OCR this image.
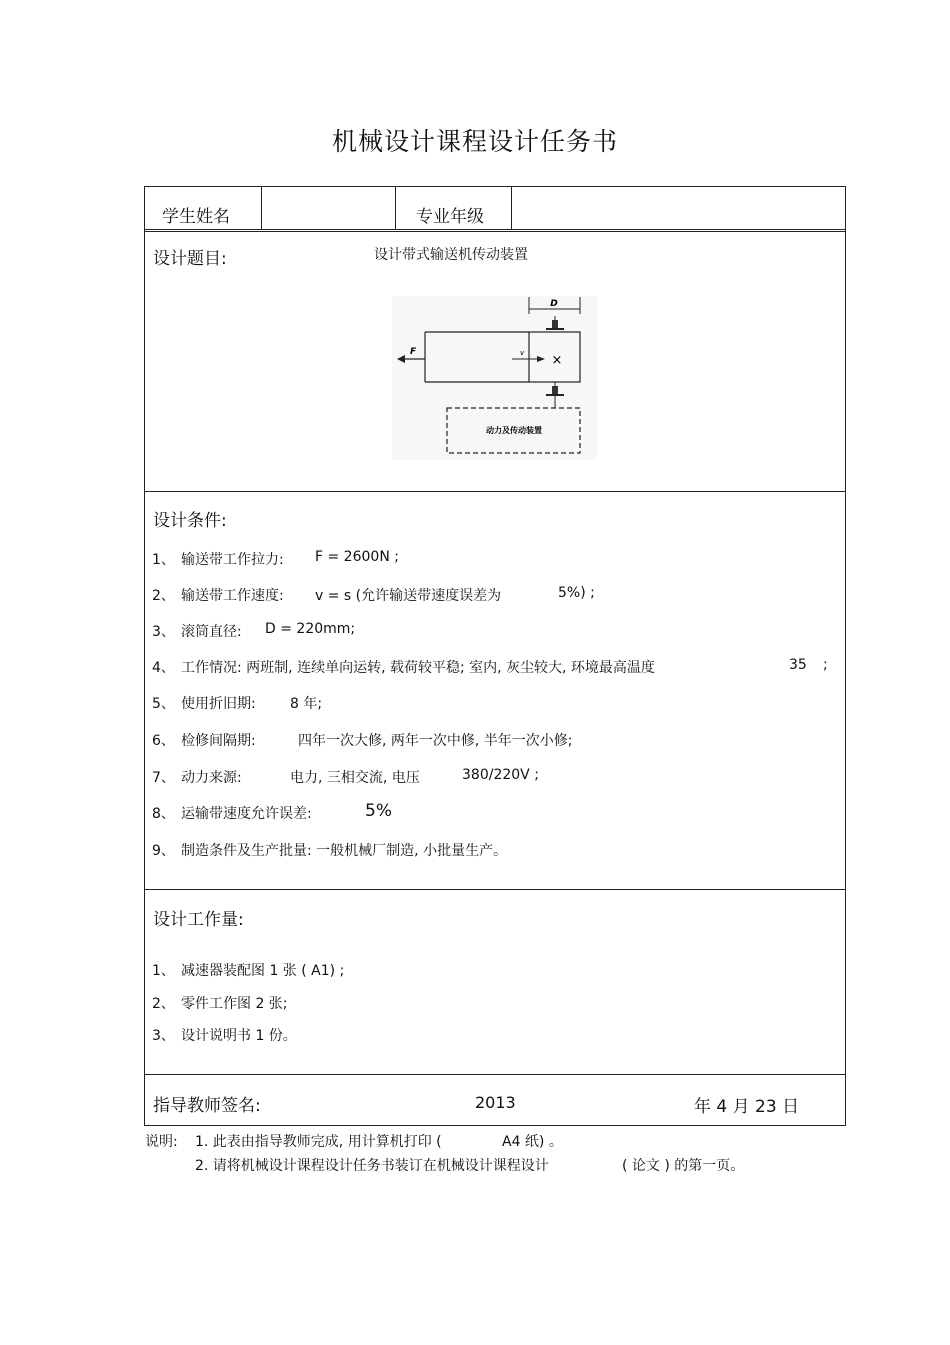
机械设计课程设计任务书
学生姓名	专业年级
设计题目:	设计带式输送机传动装置
D
F	v ×
动力及传动装置
设计条件:
1、 输送带工作拉力: F = 2600N ;
2、 输送带工作速度: v = s (允许输送带速度误差为	5%) ;
3、 滚筒直径: D = 220mm;
4、 工作情况: 两班制, 连续单向运转, 载荷较平稳; 室内, 灰尘较大, 环境最高温度	35 ;
5、 使用折旧期: 8 年;
6、 检修间隔期:	四年一次大修, 两年一次中修, 半年一次小修;
7、 动力来源:	电力, 三相交流, 电压	380/220V ;
8、 运输带速度允许误差:	5%
9、 制造条件及生产批量: 一般机械厂制造, 小批量生产。
设计工作量:
1、 减速器装配图 1 张 ( A1) ;
2、 零件工作图 2 张;
3、 设计说明书 1 份。
指导教师签名:	2013	年 4 月 23 日
说明: 1. 此表由指导教师完成, 用计算机打印 (	A4 纸) 。
2. 请将机械设计课程设计任务书装订在机械设计课程设计	( 论文 ) 的第一页。
